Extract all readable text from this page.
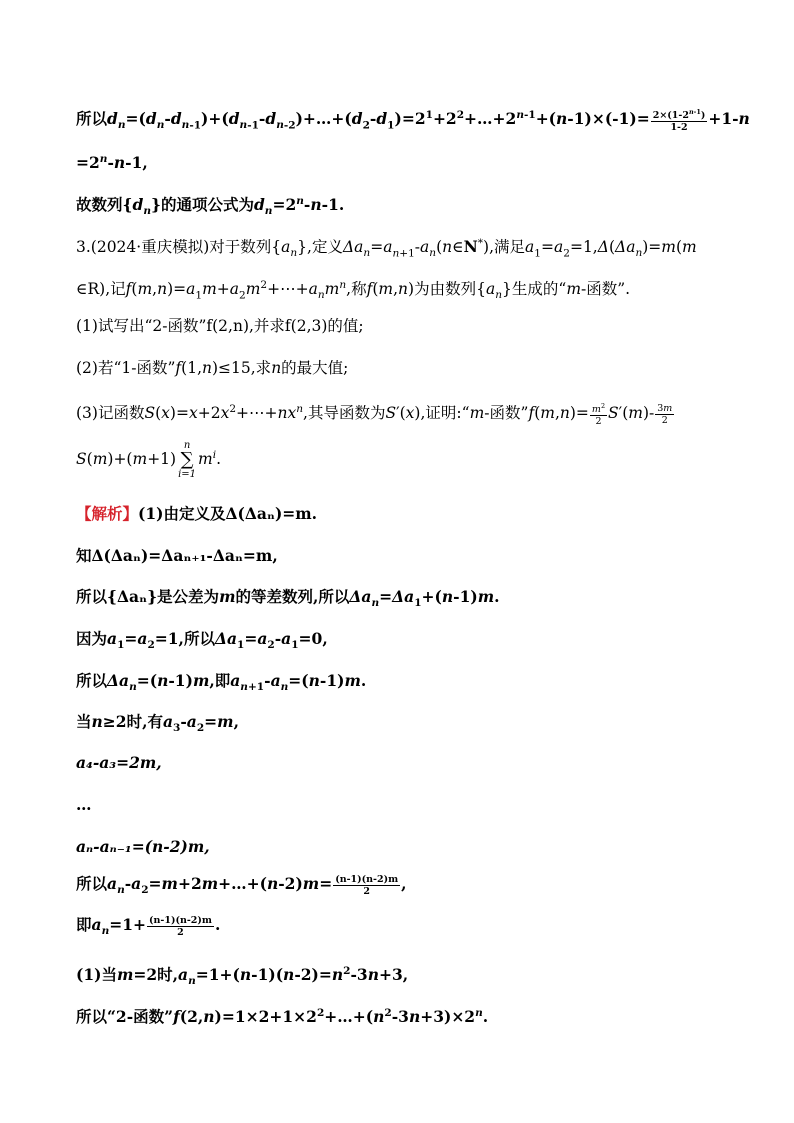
所以$d_n=(d_n-d_{n-1})+(d_{n-1}-d_{n-2})+\dots+(d_2-d_1)=2^1+2^2+\dots+2^{n-1}+(n-1)\times(-1)= \frac{2\times(1-2^{n-1})}{1-2} +1-n$
$=2^n-n-1$,
故数列$\{d_n\}$的通项公式为$d_n=2^n-n-1$.
3.(2024·重庆模拟)对于数列$\{a_n\}$,定义$\Delta a_n=a_{n+1}-a_n(n\in N^*)$,满足$a_1=a_2=1,\Delta(\Delta a_n)=m(m$
∈R),记$f(m,n)=a_1m+a_2m^2+\cdots+a_nm^n$,称f(m,n)为由数列$\{a_n\}$生成的“m-函数”.
(1)试写出“2-函数”f(2,n),并求f(2,3)的值;
(2)若“1-函数”f(1,n)≤15,求n的最大值;
(3)记函数$S(x)=x+2x^2+\cdots+nx^n$,其导函数为S′(x),证明:“m-函数”f(m,n)= $\frac{m^2}{2} S'(m)- \frac{3m}{2}$
S(m)+(m+1)
n
∑
i=1
$m^i$.
【解析】(1)由定义及Δ(Δaₙ)=m.
知Δ(Δaₙ)=Δaₙ₊₁-Δaₙ=m,
所以{Δaₙ}是公差为m的等差数列,所以$\Delta a_n=\Delta a_1+(n-1)m$.
因为$a_1=a_2=1$,所以$\Delta a_1=a_2-a_1=0$,
所以$\Delta a_n=(n-1)m$,即$a_{n+1}-a_n=(n-1)m$.
当n≥2时,有$a_3-a_2=m$,
a₄-a₃=2m,
…
aₙ-aₙ₋₁=(n-2)m,
所以$a_n-a_2=m+2m+\dots+(n-2)m= \frac{(n-1)(n-2)m}{2}$ ,
即$a_n=1+ \frac{(n-1)(n-2)m}{2}$ .
(1)当m=2时$,a_n=1+(n-1)(n-2)=n^2-3n+3$,
所以“2-函数$”f(2,n)=1\times 2+1\times 2^2+\dots+(n^2-3n+3)\times 2^n$.
